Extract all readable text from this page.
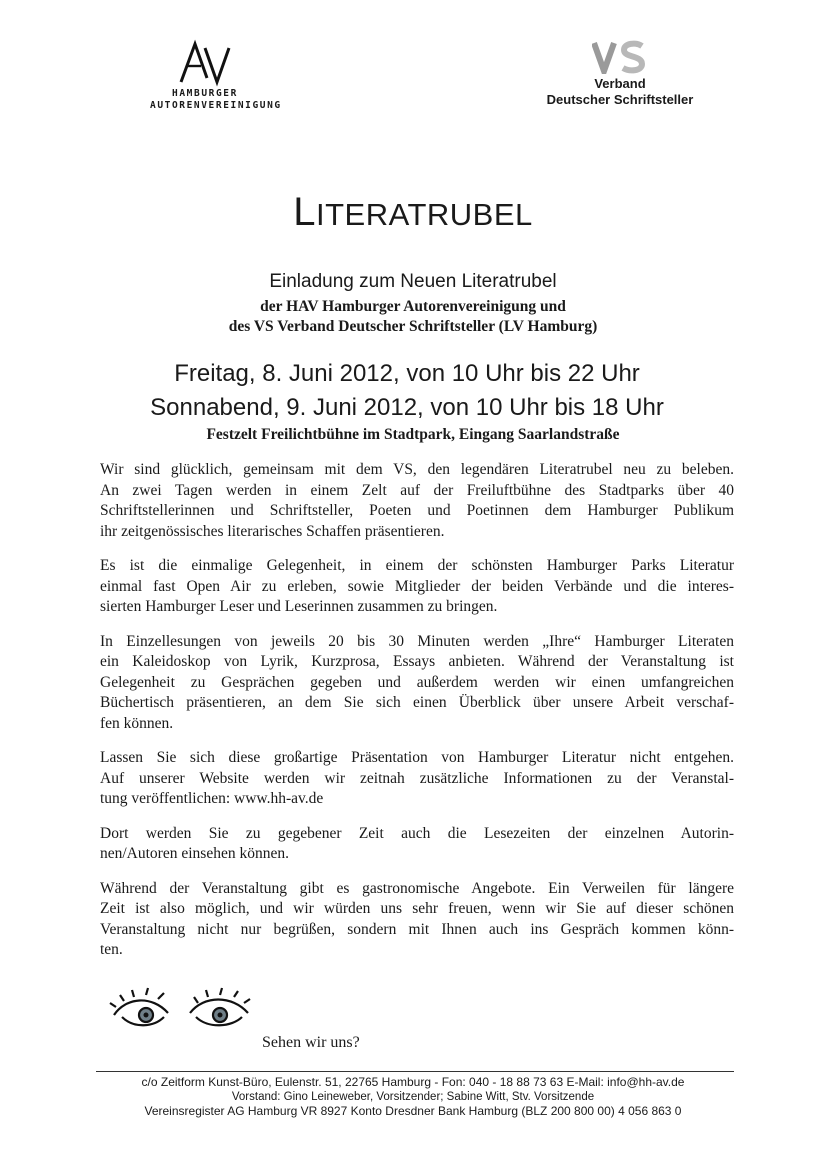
HAMBURGER
AUTORENVEREINIGUNG
Verband
Deutscher Schriftsteller
LITERATRUBEL
Einladung zum Neuen Literatrubel
der HAV Hamburger Autorenvereinigung und
des VS Verband Deutscher Schriftsteller (LV Hamburg)
Freitag, 8. Juni 2012, von 10 Uhr bis 22 Uhr
Sonnabend, 9. Juni 2012, von 10 Uhr bis 18 Uhr
Festzelt Freilichtbühne im Stadtpark, Eingang Saarlandstraße
Wir sind glücklich, gemeinsam mit dem VS, den legendären Literatrubel neu zu beleben.
An zwei Tagen werden in einem Zelt auf der Freiluftbühne des Stadtparks über 40
Schriftstellerinnen und Schriftsteller, Poeten und Poetinnen dem Hamburger Publikum
ihr zeitgenössisches literarisches Schaffen präsentieren.
Es ist die einmalige Gelegenheit, in einem der schönsten Hamburger Parks Literatur
einmal fast Open Air zu erleben, sowie Mitglieder der beiden Verbände und die interes-
sierten Hamburger Leser und Leserinnen zusammen zu bringen.
In Einzellesungen von jeweils 20 bis 30 Minuten werden „Ihre“ Hamburger Literaten
ein Kaleidoskop von Lyrik, Kurzprosa, Essays anbieten. Während der Veranstaltung ist
Gelegenheit zu Gesprächen gegeben und außerdem werden wir einen umfangreichen
Büchertisch präsentieren, an dem Sie sich einen Überblick über unsere Arbeit verschaf-
fen können.
Lassen Sie sich diese großartige Präsentation von Hamburger Literatur nicht entgehen.
Auf unserer Website werden wir zeitnah zusätzliche Informationen zu der Veranstal-
tung veröffentlichen: www.hh-av.de
Dort werden Sie zu gegebener Zeit auch die Lesezeiten der einzelnen Autorin-
nen/Autoren einsehen können.
Während der Veranstaltung gibt es gastronomische Angebote. Ein Verweilen für längere
Zeit ist also möglich, und wir würden uns sehr freuen, wenn wir Sie auf dieser schönen
Veranstaltung nicht nur begrüßen, sondern mit Ihnen auch ins Gespräch kommen könn-
ten.
Sehen wir uns?
c/o Zeitform Kunst-Büro, Eulenstr. 51, 22765 Hamburg - Fon: 040 - 18 88 73 63 E-Mail: info@hh-av.de
Vorstand: Gino Leineweber, Vorsitzender; Sabine Witt, Stv. Vorsitzende
Vereinsregister AG Hamburg VR 8927 Konto Dresdner Bank Hamburg (BLZ 200 800 00) 4 056 863 0
